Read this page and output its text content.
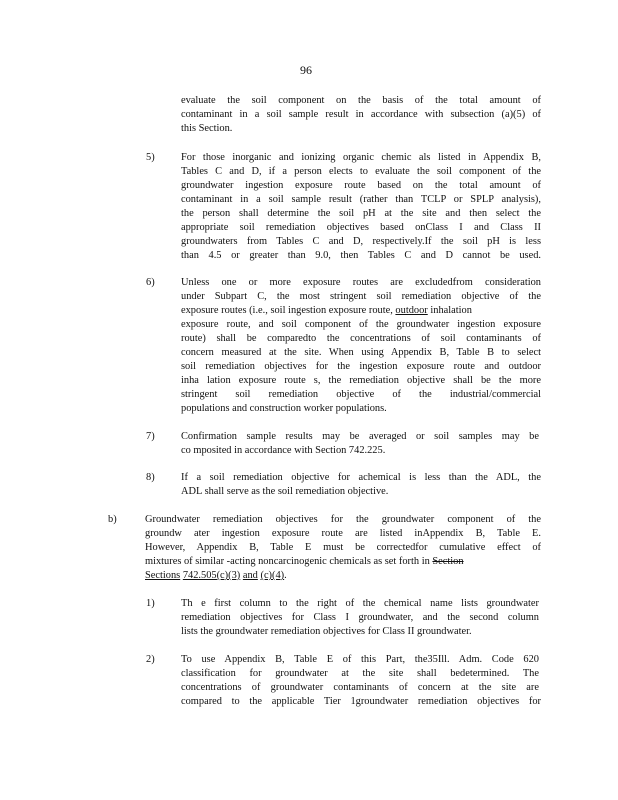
96

evaluate the soil component on the basis of the total amount of

contaminant in a soil sample result in accordance with subsection (a)(5) of

this Section.

5)	For those inorganic and ionizing organic chemic als listed in Appendix B,

Tables C and D, if a person elects to evaluate the soil component of the

groundwater ingestion exposure route based on the total amount of

contaminant in a soil sample result (rather than TCLP or SPLP analysis),

the person shall determine the soil pH at the site and then select the

appropriate soil remediation objectives based onClass I and Class II

groundwaters from Tables C and D, respectively.If the soil pH is less

than 4.5 or greater than 9.0, then Tables C and D cannot be used.

6)	Unless one or more exposure routes are excludedfrom consideration

under Subpart C, the most stringent soil remediation objective of the

exposure routes (i.e., soil ingestion exposure route, outdoor inhalation

exposure route, and soil component of the groundwater ingestion exposure

route) shall be comparedto the concentrations of soil contaminants of

concern measured at the site. When using Appendix B, Table B to select

soil remediation objectives for the ingestion exposure route and outdoor

inha lation exposure route s, the remediation objective shall be the more

stringent soil remediation objective of the industrial/commercial

populations and construction worker populations.

7)	Confirmation sample results may be averaged or soil samples may be

co mposited in accordance with Section 742.225.

8)	If a soil remediation objective for achemical is less than the ADL, the

ADL shall serve as the soil remediation objective.

b)	Groundwater remediation objectives for the groundwater component of the

groundw ater ingestion exposure route are listed inAppendix B, Table E.

However, Appendix B, Table E must be correctedfor cumulative effect of

mixtures of similar -acting noncarcinogenic chemicals as set forth in Section

Sections 742.505(c)(3) and (c)(4).

1)	Th e first column to the right of the chemical name lists groundwater

remediation objectives for Class I groundwater, and the second column

lists the groundwater remediation objectives for Class II groundwater.

2)	To use Appendix B, Table E of this Part, the35Ill. Adm. Code 620

classification for groundwater at the site shall bedetermined. The

concentrations of groundwater contaminants of concern at the site are

compared to the applicable Tier 1groundwater remediation objectives for
